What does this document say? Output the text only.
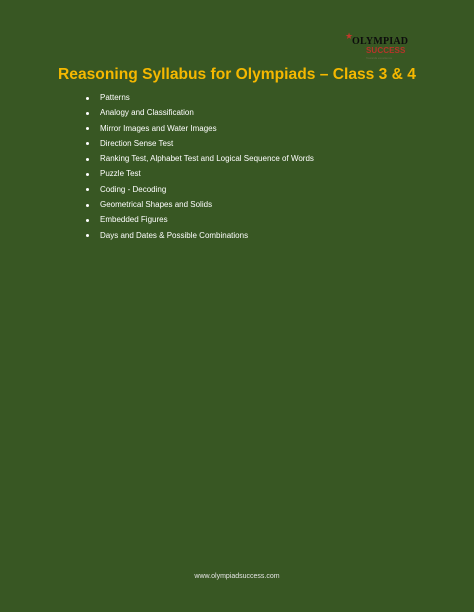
★
OLYMPIAD
SUCCESS
Towards excellence
Reasoning Syllabus for Olympiads – Class 3 & 4
Patterns
Analogy and Classification
Mirror Images and Water Images
Direction Sense Test
Ranking Test, Alphabet Test and Logical Sequence of Words
Puzzle Test
Coding - Decoding
Geometrical Shapes and Solids
Embedded Figures
Days and Dates & Possible Combinations
www.olympiadsuccess.com
